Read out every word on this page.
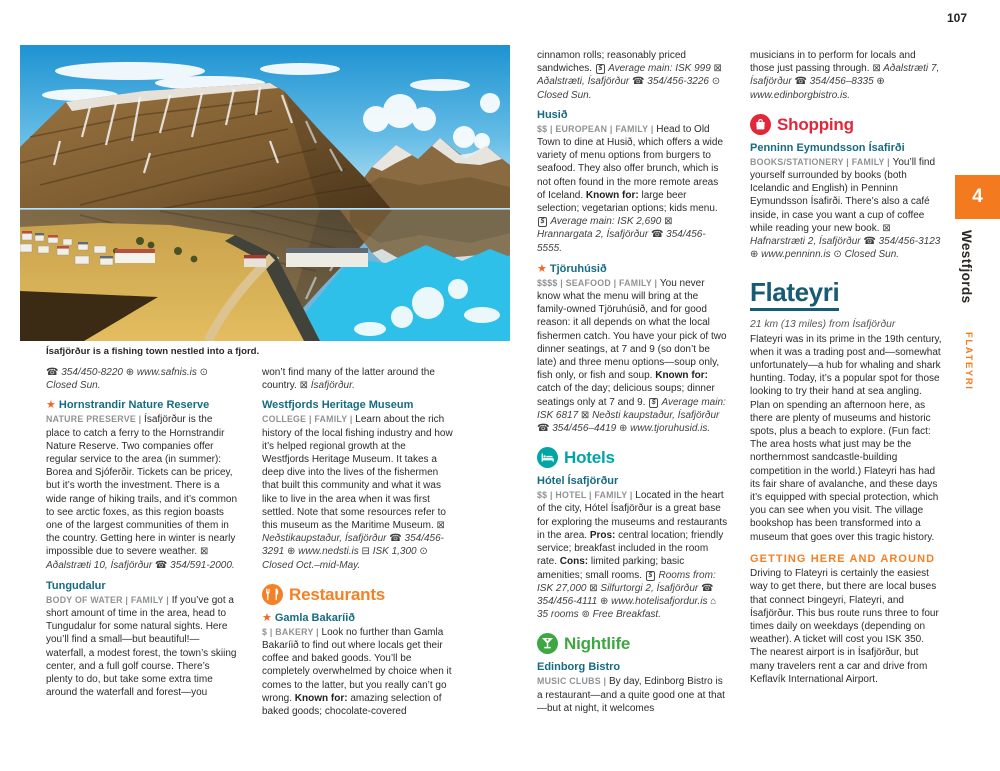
107
Ísafjörður is a fishing town nestled into a fjord.

☎ 354/450-8220 ⊕ www.safnis.is ⊙ Closed Sun.

★ Hornstrandir Nature Reserve

NATURE PRESERVE | Ísafjörður is the place to catch a ferry to the Hornstrandir Nature Reserve. Two companies offer regular service to the area (in summer): Borea and Sjóferðir. Tickets can be pricey, but it’s worth the investment. There is a wide range of hiking trails, and it’s common to see arctic foxes, as this region boasts one of the largest communities of them in the country. Getting here in winter is nearly impossible due to severe weather. ⊠ Aðalstræti 10, Ísafjörður ☎ 354/591-2000.

Tungudalur

BODY OF WATER | FAMILY | If you’ve got a short amount of time in the area, head to Tungudalur for some natural sights. Here you’ll find a small—but beautiful!—waterfall, a modest forest, the town’s skiing center, and a full golf course. There’s plenty to do, but take some extra time around the waterfall and forest—you

won’t find many of the latter around the country. ⊠ Ísafjörður.

Westfjords Heritage Museum

COLLEGE | FAMILY | Learn about the rich history of the local fishing industry and how it’s helped regional growth at the Westfjords Heritage Museum. It takes a deep dive into the lives of the fishermen that built this community and what it was like to live in the area when it was first settled. Note that some resources refer to this museum as the Maritime Museum. ⊠ Neðstikaupstaður, Ísafjörður ☎ 354/456-3291 ⊕ www.nedsti.is ⊟ ISK 1,300 ⊙ Closed Oct.–mid-May.

Restaurants
★ Gamla Bakaríið

$ | BAKERY | Look no further than Gamla Bakaríið to find out where locals get their coffee and baked goods. You’ll be completely overwhelmed by choice when it comes to the latter, but you really can’t go wrong. Known for: amazing selection of baked goods; chocolate-covered

cinnamon rolls; reasonably priced sandwiches. $ Average main: ISK 999 ⊠ Aðalstræti, Ísafjörður ☎ 354/456-3226 ⊙ Closed Sun.

Husið

$$ | EUROPEAN | FAMILY | Head to Old Town to dine at Husið, which offers a wide variety of menu options from burgers to seafood. They also offer brunch, which is not often found in the more remote areas of Iceland. Known for: large beer selection; vegetarian options; kids menu. $ Average main: ISK 2,690 ⊠ Hrannargata 2, Ísafjörður ☎ 354/456-5555.

★ Tjöruhúsið

$$$$ | SEAFOOD | FAMILY | You never know what the menu will bring at the family-owned Tjöruhúsið, and for good reason: it all depends on what the local fishermen catch. You have your pick of two dinner seatings, at 7 and 9 (so don’t be late) and three menu options—soup only, fish only, or fish and soup. Known for: catch of the day; delicious soups; dinner seatings only at 7 and 9. $ Average main: ISK 6817 ⊠ Neðsti kaupstaður, Ísafjörður ☎ 354/456–4419 ⊕ www.tjoruhusid.is.

Hotels
Hótel Ísafjörður

$$ | HOTEL | FAMILY | Located in the heart of the city, Hótel Ísafjörður is a great base for exploring the museums and restaurants in the area. Pros: central location; friendly service; breakfast included in the room rate. Cons: limited parking; basic amenities; small rooms. $ Rooms from: ISK 27,000 ⊠ Silfurtorgi 2, Ísafjörður ☎ 354/456-4111 ⊕ www.hotelisafjordur.is ⌂ 35 rooms ⊚ Free Breakfast.

Nightlife
Edinborg Bistro

MUSIC CLUBS | By day, Edinborg Bistro is a restaurant—and a quite good one at that—but at night, it welcomes

musicians in to perform for locals and those just passing through. ⊠ Aðalstræti 7, Ísafjörður ☎ 354/456–8335 ⊕ www.edinborgbistro.is.

Shopping
Penninn Eymundsson Ísafirði

BOOKS/STATIONERY | FAMILY | You’ll find yourself surrounded by books (both Icelandic and English) in Penninn Eymundsson Ísafirði. There’s also a café inside, in case you want a cup of coffee while reading your new book. ⊠ Hafnarstræti 2, Ísafjörður ☎ 354/456-3123 ⊕ www.penninn.is ⊙ Closed Sun.

Flateyri

21 km (13 miles) from Ísafjörður

Flateyri was in its prime in the 19th century, when it was a trading post and—somewhat unfortunately—a hub for whaling and shark hunting. Today, it’s a popular spot for those looking to try their hand at sea angling. Plan on spending an afternoon here, as there are plenty of museums and historic spots, plus a beach to explore. (Fun fact: The area hosts what just may be the northernmost sandcastle-building competition in the world.) Flateyri has had its fair share of avalanche, and these days it’s equipped with special protection, which you can see when you visit. The village bookshop has been transformed into a museum that goes over this tragic history.

GETTING HERE AND AROUND

Driving to Flateyri is certainly the easiest way to get there, but there are local buses that connect Þingeyri, Flateyri, and Ísafjörður. This bus route runs three to four times daily on weekdays (depending on weather). A ticket will cost you ISK 350. The nearest airport is in Ísafjörður, but many travelers rent a car and drive from Keflavík International Airport.

4
Westfjords
FLATEYRI
